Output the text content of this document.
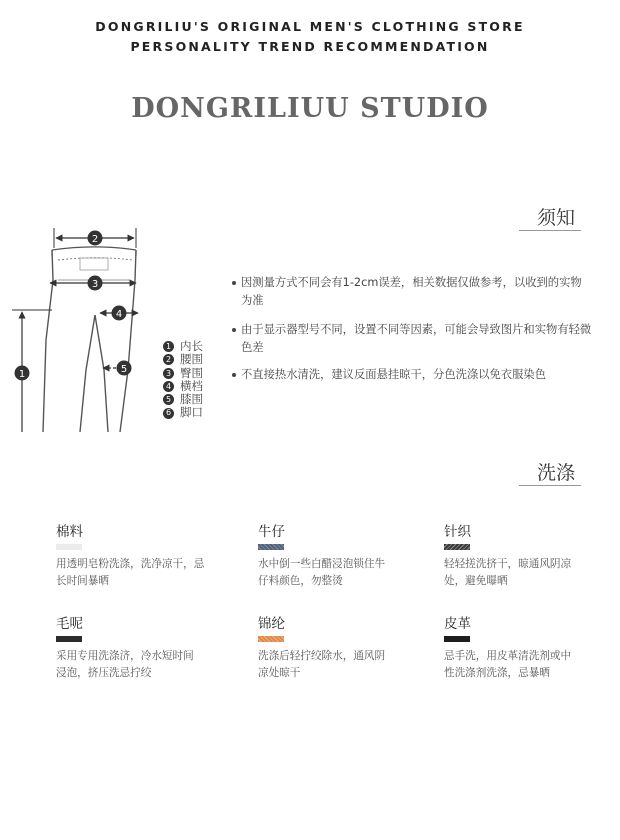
DONGRILIU'S ORIGINAL MEN'S CLOTHING STORE
PERSONALITY TREND RECOMMENDATION
DONGRILIUU STUDIO
须知
2
3
4
5
1
1 内长
2 腰围
3 臀围
4 横档
5 膝围
6 脚口
因测量方式不同会有1-2cm误差，相关数据仅做参考，以收到的实物为准
由于显示器型号不同，设置不同等因素，可能会导致图片和实物有轻微色差
不直接热水清洗，建议反面悬挂晾干，分色洗涤以免衣服染色
洗涤
棉料
用透明皂粉洗涤，洗净凉干，忌
长时间暴晒
牛仔
水中倒一些白醋浸泡锁住牛
仔料颜色，勿整烫
针织
轻轻搓洗挤干，晾通风阴凉
处，避免曝晒
毛呢
采用专用洗涤济，冷水短时间
浸泡，挤压洗忌拧绞
锦纶
洗涤后轻拧绞除水，通风阴
凉处晾干
皮革
忌手洗，用皮革清洗剂或中
性洗涤剂洗涤，忌暴晒
